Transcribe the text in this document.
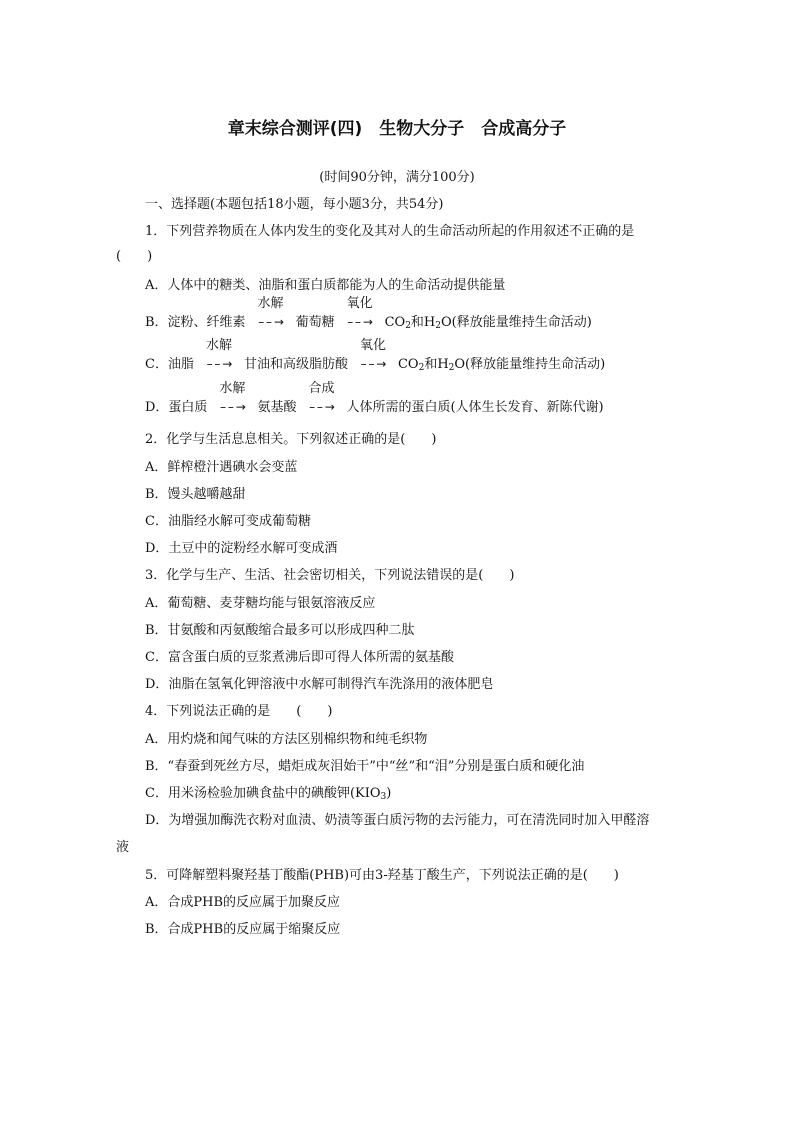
章末综合测评(四)　生物大分子　合成高分子
(时间90分钟，满分100分)
一、选择题(本题包括18小题，每小题3分，共54分)
1．下列营养物质在人体内发生的变化及其对人的生命活动所起的作用叙述不正确的是
(　　)
A．人体中的糖类、油脂和蛋白质都能为人的生命活动提供能量
B．淀粉、纤维素
水解
– – → 葡萄糖
氧化
– – → $CO_2$和$H_2O$(释放能量维持生命活动)
C．油脂
水解
– – → 甘油和高级脂肪酸
氧化
– – → $CO_2$和$H_2O$(释放能量维持生命活动)
D．蛋白质
水解
– – → 氨基酸
合成
– – → 人体所需的蛋白质(人体生长发育、新陈代谢)
2．化学与生活息息相关。下列叙述正确的是(　　)
A．鲜榨橙汁遇碘水会变蓝
B．馒头越嚼越甜
C．油脂经水解可变成葡萄糖
D．土豆中的淀粉经水解可变成酒
3．化学与生产、生活、社会密切相关，下列说法错误的是(　　)
A．葡萄糖、麦芽糖均能与银氨溶液反应
B．甘氨酸和丙氨酸缩合最多可以形成四种二肽
C．富含蛋白质的豆浆煮沸后即可得人体所需的氨基酸
D．油脂在氢氧化钾溶液中水解可制得汽车洗涤用的液体肥皂
4．下列说法正确的是　　(　　)
A．用灼烧和闻气味的方法区别棉织物和纯毛织物
B．“春蚕到死丝方尽，蜡炬成灰泪始干”中“丝”和“泪”分别是蛋白质和硬化油
C．用米汤检验加碘食盐中的碘酸钾$(KIO_3)$
D．为增强加酶洗衣粉对血渍、奶渍等蛋白质污物的去污能力，可在清洗同时加入甲醛溶
液
5．可降解塑料聚羟基丁酸酯(PHB)可由3-羟基丁酸生产，下列说法正确的是(　　)
A．合成PHB的反应属于加聚反应
B．合成PHB的反应属于缩聚反应
